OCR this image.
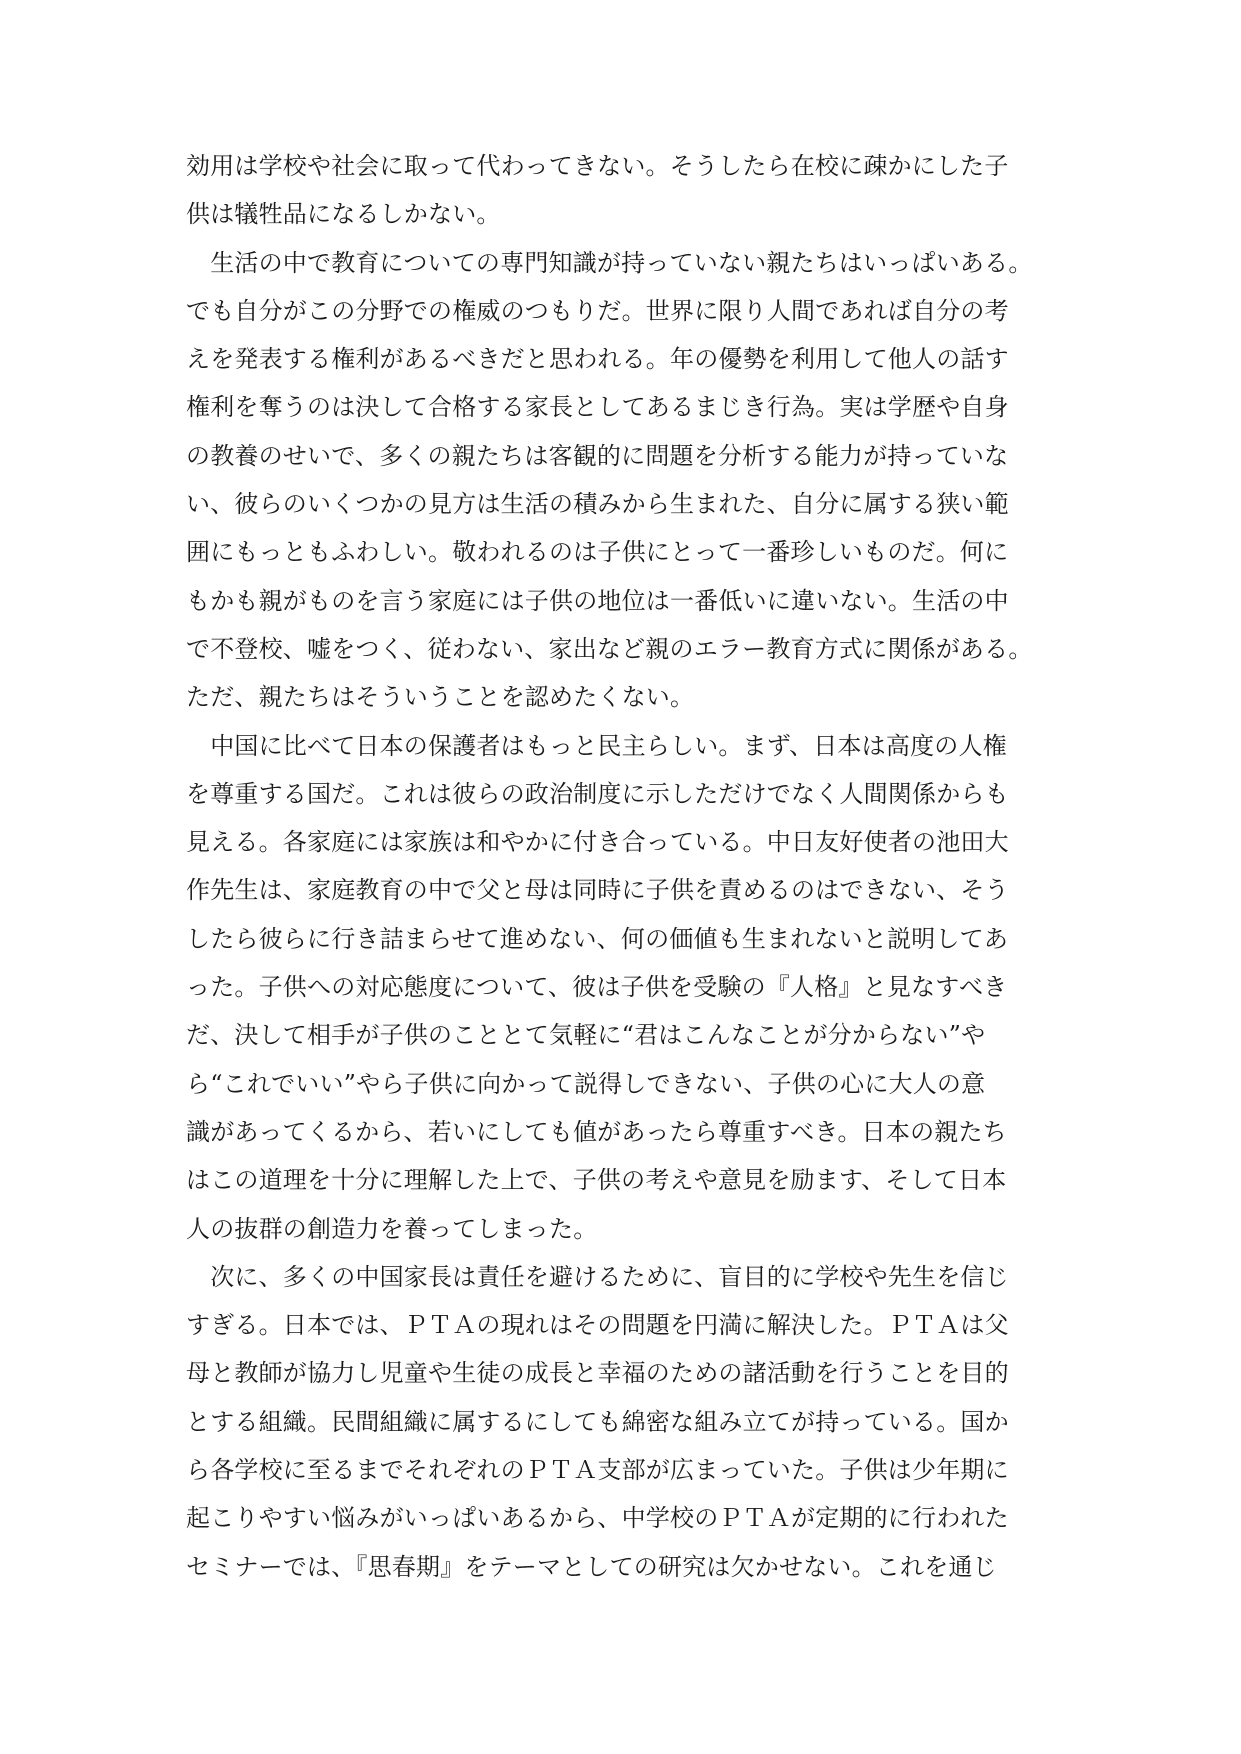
効用は学校や社会に取って代わってきない。そうしたら在校に疎かにした子
供は犠牲品になるしかない。
　生活の中で教育についての専門知識が持っていない親たちはいっぱいある。
でも自分がこの分野での権威のつもりだ。世界に限り人間であれば自分の考
えを発表する権利があるべきだと思われる。年の優勢を利用して他人の話す
権利を奪うのは決して合格する家長としてあるまじき行為。実は学歴や自身
の教養のせいで、多くの親たちは客観的に問題を分析する能力が持っていな
い、彼らのいくつかの見方は生活の積みから生まれた、自分に属する狭い範
囲にもっともふわしい。敬われるのは子供にとって一番珍しいものだ。何に
もかも親がものを言う家庭には子供の地位は一番低いに違いない。生活の中
で不登校、嘘をつく、従わない、家出など親のエラー教育方式に関係がある。
ただ、親たちはそういうことを認めたくない。
　中国に比べて日本の保護者はもっと民主らしい。まず、日本は高度の人権
を尊重する国だ。これは彼らの政治制度に示しただけでなく人間関係からも
見える。各家庭には家族は和やかに付き合っている。中日友好使者の池田大
作先生は、家庭教育の中で父と母は同時に子供を責めるのはできない、そう
したら彼らに行き詰まらせて進めない、何の価値も生まれないと説明してあ
った。子供への対応態度について、彼は子供を受験の『人格』と見なすべき
だ、決して相手が子供のこととて気軽に“君はこんなことが分からない”や
ら“これでいい”やら子供に向かって説得しできない、子供の心に大人の意
識があってくるから、若いにしても値があったら尊重すべき。日本の親たち
はこの道理を十分に理解した上で、子供の考えや意見を励ます、そして日本
人の抜群の創造力を養ってしまった。
　次に、多くの中国家長は責任を避けるために、盲目的に学校や先生を信じ
すぎる。日本では、ＰＴＡの現れはその問題を円満に解決した。ＰＴＡは父
母と教師が協力し児童や生徒の成長と幸福のための諸活動を行うことを目的
とする組織。民間組織に属するにしても綿密な組み立てが持っている。国か
ら各学校に至るまでそれぞれのＰＴＡ支部が広まっていた。子供は少年期に
起こりやすい悩みがいっぱいあるから、中学校のＰＴＡが定期的に行われた
セミナーでは、『思春期』をテーマとしての研究は欠かせない。これを通じ
